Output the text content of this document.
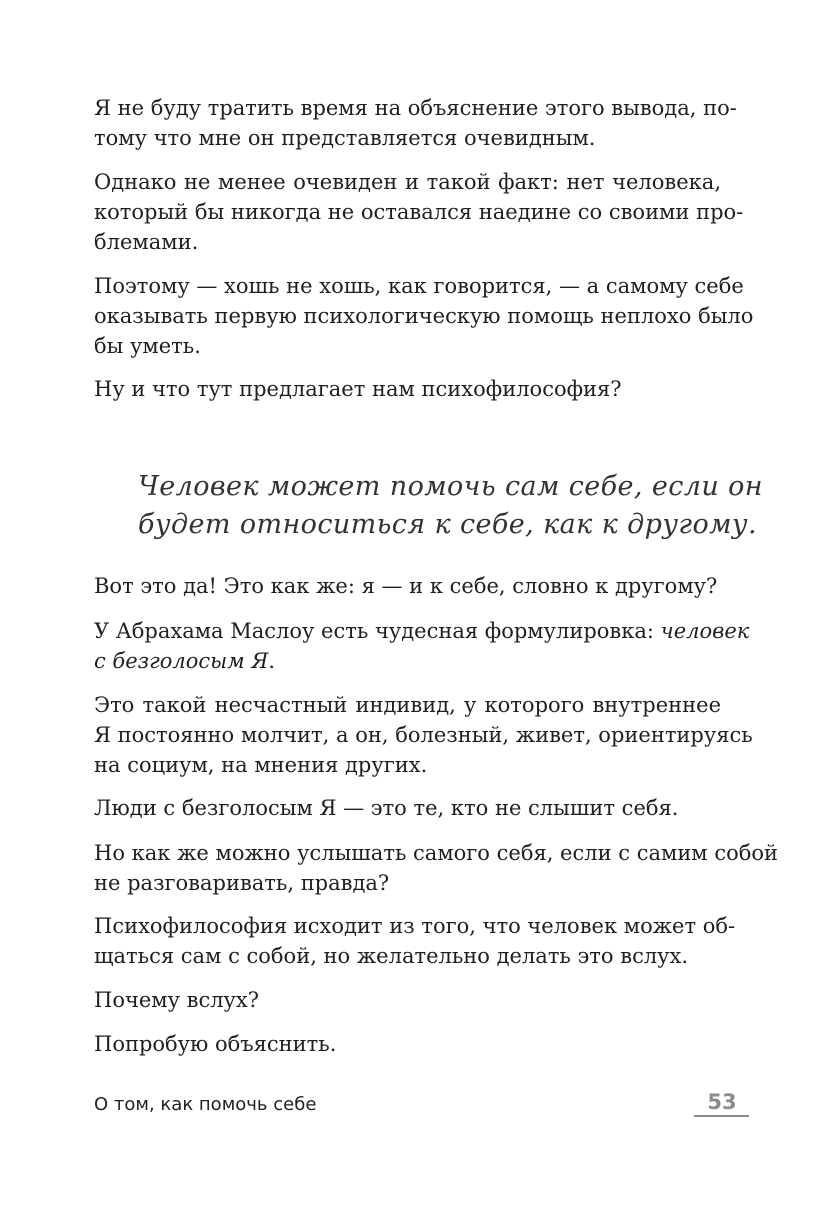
Я не буду тратить время на объяснение этого вывода, по-
тому что мне он представляется очевидным.

Однако не менее очевиден и такой факт: нет человека,
который бы никогда не оставался наедине со своими про-
блемами.

Поэтому — хошь не хошь, как говорится, — а самому себе
оказывать первую психологическую помощь неплохо было
бы уметь.

Ну и что тут предлагает нам психофилософия?

Человек может помочь сам себе, если он
будет относиться к себе, как к другому.

Вот это да! Это как же: я — и к себе, словно к другому?

У Абрахама Маслоу есть чудесная формулировка: человек
с безголосым Я.

Это такой несчастный индивид, у которого внутреннее
Я постоянно молчит, а он, болезный, живет, ориентируясь
на социум, на мнения других.

Люди с безголосым Я — это те, кто не слышит себя.

Но как же можно услышать самого себя, если с самим собой
не разговаривать, правда?

Психофилософия исходит из того, что человек может об-
щаться сам с собой, но желательно делать это вслух.

Почему вслух?

Попробую объяснить.

О том, как помочь себе	53
